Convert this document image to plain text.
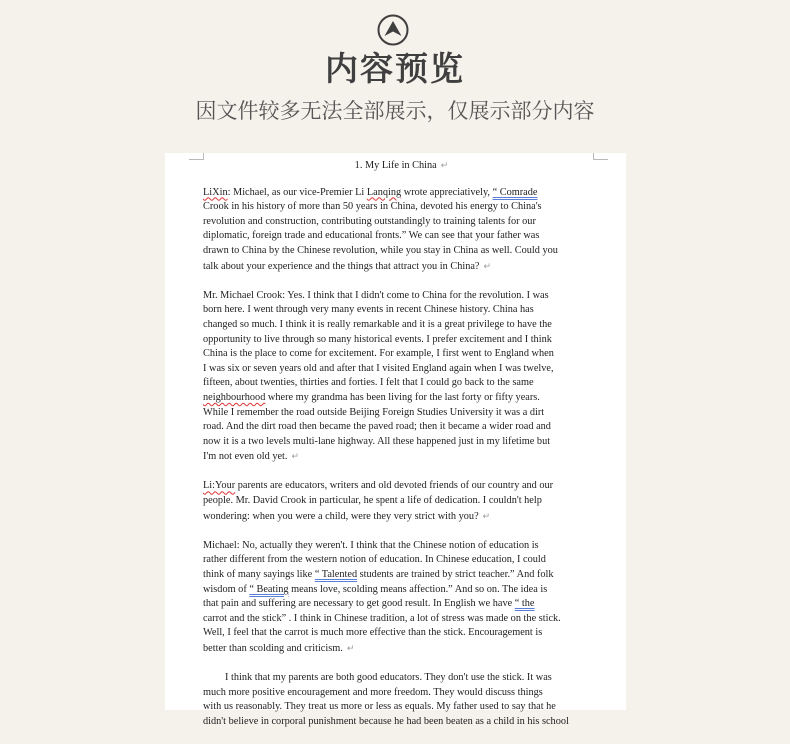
内容预览
因文件较多无法全部展示，仅展示部分内容
1. My Life in China ↵
LiXin: Michael, as our vice-Premier Li Lanqing wrote appreciatively, “ Comrade
Crook in his history of more than 50 years in China, devoted his energy to China's
revolution and construction, contributing outstandingly to training talents for our
diplomatic, foreign trade and educational fronts.” We can see that your father was
drawn to China by the Chinese revolution, while you stay in China as well. Could you
talk about your experience and the things that attract you in China? ↵
Mr. Michael Crook: Yes. I think that I didn't come to China for the revolution. I was
born here. I went through very many events in recent Chinese history. China has
changed so much. I think it is really remarkable and it is a great privilege to have the
opportunity to live through so many historical events. I prefer excitement and I think
China is the place to come for excitement. For example, I first went to England when
I was six or seven years old and after that I visited England again when I was twelve,
fifteen, about twenties, thirties and forties. I felt that I could go back to the same
neighbourhood where my grandma has been living for the last forty or fifty years.
While I remember the road outside Beijing Foreign Studies University it was a dirt
road. And the dirt road then became the paved road; then it became a wider road and
now it is a two levels multi-lane highway. All these happened just in my lifetime but
I'm not even old yet. ↵
Li:Your parents are educators, writers and old devoted friends of our country and our
people. Mr. David Crook in particular, he spent a life of dedication. I couldn't help
wondering: when you were a child, were they very strict with you? ↵
Michael: No, actually they weren't. I think that the Chinese notion of education is
rather different from the western notion of education. In Chinese education, I could
think of many sayings like “ Talented students are trained by strict teacher.” And folk
wisdom of “ Beating means love, scolding means affection.” And so on. The idea is
that pain and suffering are necessary to get good result. In English we have “ the
carrot and the stick” . I think in Chinese tradition, a lot of stress was made on the stick.
Well, I feel that the carrot is much more effective than the stick. Encouragement is
better than scolding and criticism. ↵
I think that my parents are both good educators. They don't use the stick. It was
much more positive encouragement and more freedom. They would discuss things
with us reasonably. They treat us more or less as equals. My father used to say that he
didn't believe in corporal punishment because he had been beaten as a child in his school
